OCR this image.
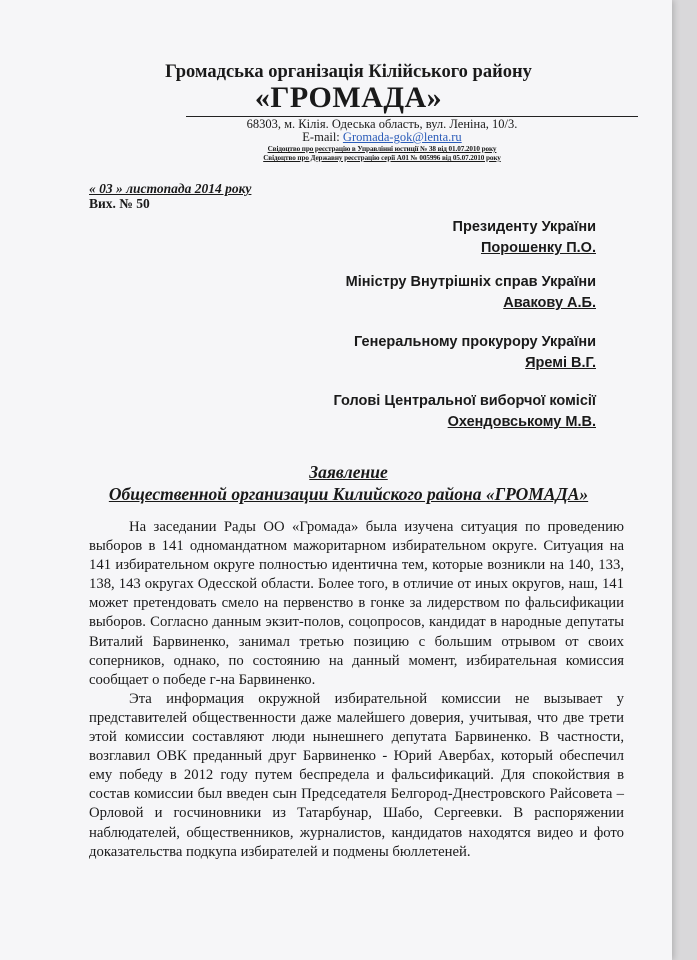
Громадська організація Кілійського району
«ГРОМАДА»
68303, м. Кілія. Одеська область, вул. Леніна, 10/3.
E-mail: Gromada-gok@lenta.ru
Свідоцтво про реєстрацію в Управлінні юстиції № 38 від 01.07.2010 року
Свідоцтво про Державну реєстрацію серії А01 № 005996 від 05.07.2010 року
« 03 » листопада 2014 року
Вих. № 50
Президенту України
Порошенку П.О.
Міністру Внутрішніх справ України
Авакову А.Б.
Генеральному прокурору України
Яремі В.Г.
Голові Центральної виборчої комісії
Охендовському М.В.
Заявление
Общественной организации Килийского района «ГРОМАДА»

На заседании Рады ОО «Громада» была изучена ситуация по проведению выборов в 141 одномандатном мажоритарном избирательном округе. Ситуация на 141 избирательном округе полностью идентична тем, которые возникли на 140, 133, 138, 143 округах Одесской области. Более того, в отличие от иных округов, наш, 141 может претендовать смело на первенство в гонке за лидерством по фальсификации выборов. Согласно данным экзит-полов, соцопросов, кандидат в народные депутаты Виталий Барвиненко, занимал третью позицию с большим отрывом от своих соперников, однако, по состоянию на данный момент, избирательная комиссия сообщает о победе г-на Барвиненко.

Эта информация окружной избирательной комиссии не вызывает у представителей общественности даже малейшего доверия, учитывая, что две трети этой комиссии составляют люди нынешнего депутата Барвиненко. В частности, возглавил ОВК преданный друг Барвиненко - Юрий Авербах, который обеспечил ему победу в 2012 году путем беспредела и фальсификаций. Для спокойствия в состав комиссии был введен сын Председателя Белгород-Днестровского Райсовета – Орловой и госчиновники из Татарбунар, Шабо, Сергеевки. В распоряжении наблюдателей, общественников, журналистов, кандидатов находятся видео и фото доказательства подкупа избирателей и подмены бюллетеней.
